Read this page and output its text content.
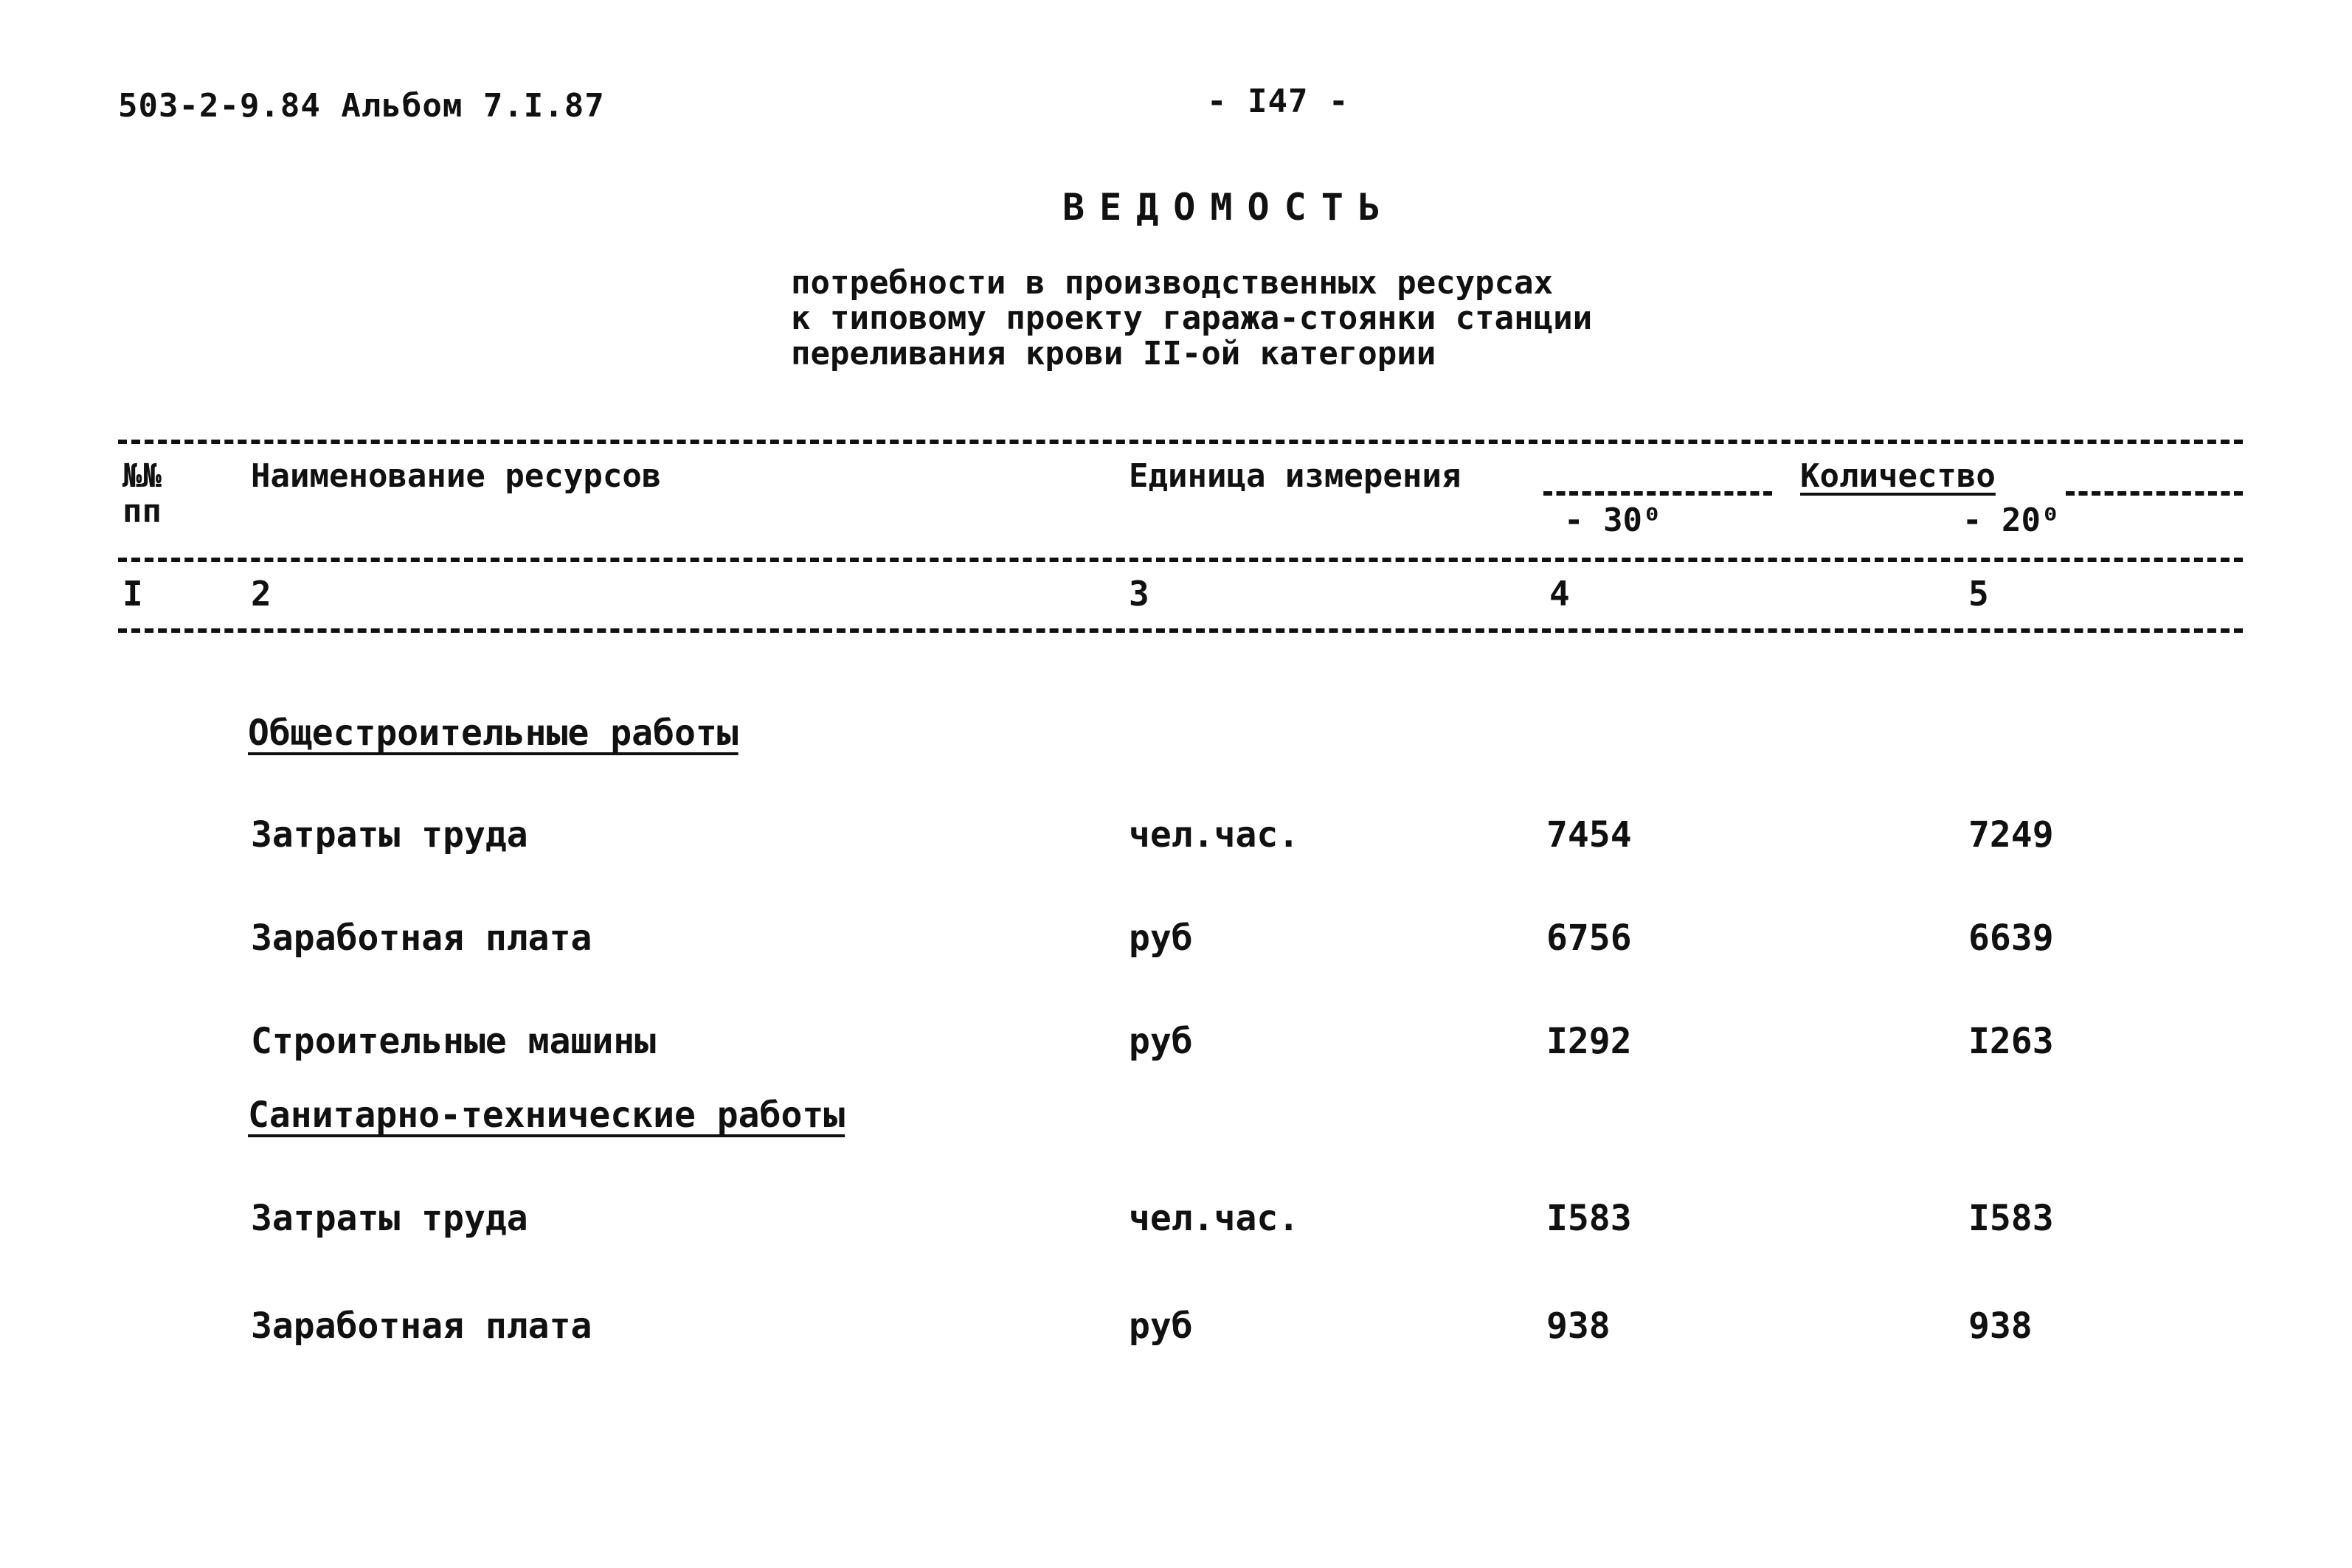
503-2-9.84 Альбом 7.I.87	- I47 -
ВЕДОМОСТЬ
потребности в производственных ресурсах
к типовому проекту гаража-стоянки станции
переливания крови II-ой категории
№№
пп
Наименование ресурсов	Единица измерения	Количество
- 30⁰	- 20⁰
I	2	3	4	5
Общестроительные работы
Затраты труда	чел.час.	7454	7249
Заработная плата	руб	6756	6639
Строительные машины	руб	I292	I263
Санитарно-технические работы
Затраты труда	чел.час.	I583	I583
Заработная плата	руб	938	938
